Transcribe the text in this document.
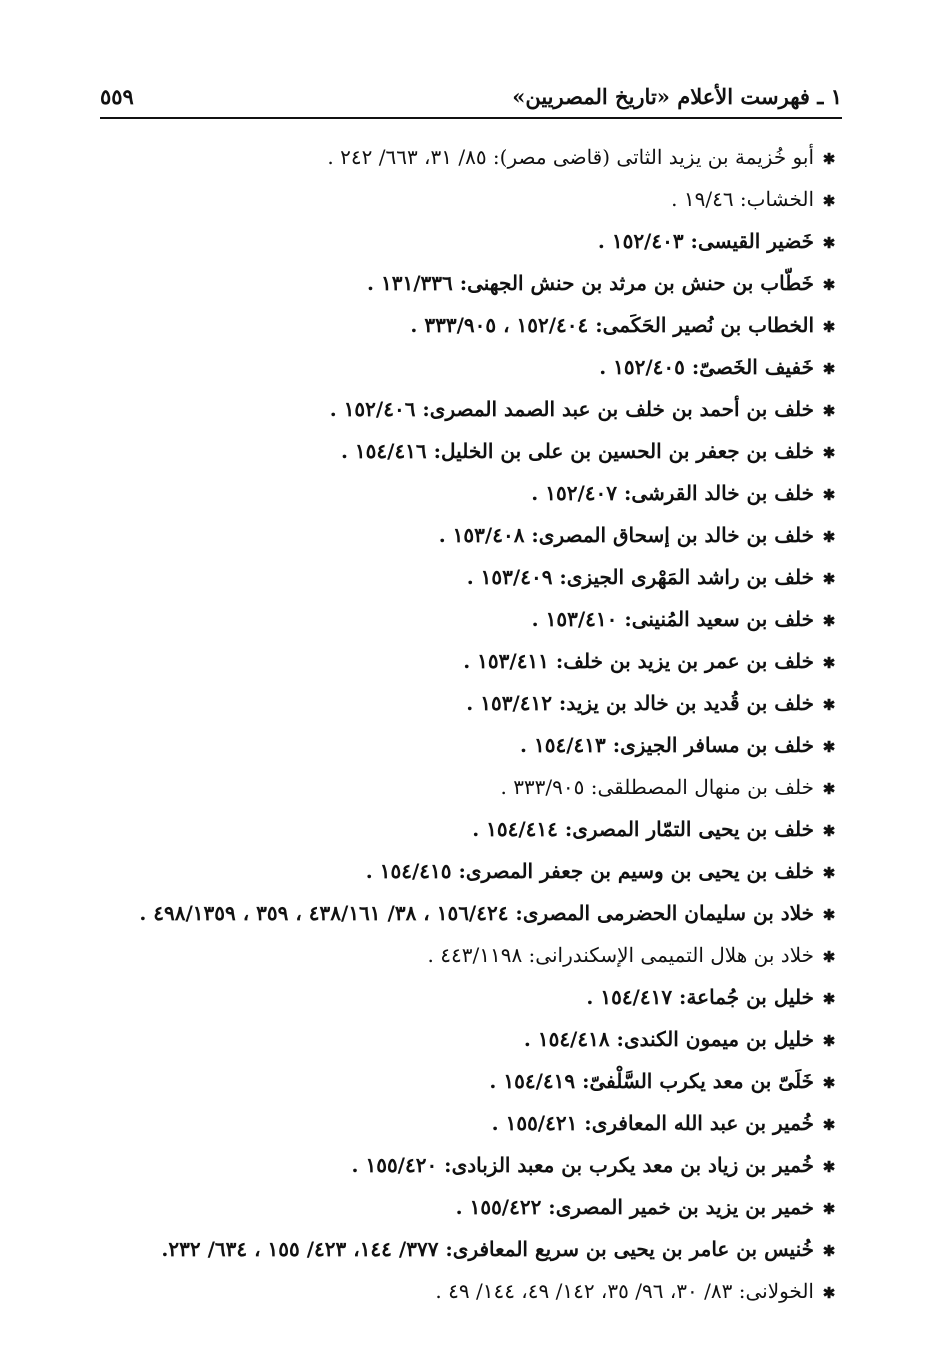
١ ـ فهرست الأعلام «تاريخ المصريين»
٥٥٩
✱أبو خُزيمة بن يزيد الثاتى (قاضى مصر): ٨٥/ ٣١، ٦٦٣/ ٢٤٢ .
✱الخشاب: ١٩/٤٦ .
✱خَضير القيسى: ١٥٢/٤٠٣ .
✱خَطّاب بن حنش بن مرثد بن حنش الجهنى: ١٣١/٣٣٦ .
✱الخطاب بن نُصير الحَكَمى: ١٥٢/٤٠٤ ، ٣٣٣/٩٠٥ .
✱خَفيف الخَصىّ: ١٥٢/٤٠٥ .
✱خلف بن أحمد بن خلف بن عبد الصمد المصرى: ١٥٢/٤٠٦ .
✱خلف بن جعفر بن الحسين بن على بن الخليل: ١٥٤/٤١٦ .
✱خلف بن خالد القرشى: ١٥٢/٤٠٧ .
✱خلف بن خالد بن إسحاق المصرى: ١٥٣/٤٠٨ .
✱خلف بن راشد المَهْرى الجيزى: ١٥٣/٤٠٩ .
✱خلف بن سعيد المُنينى: ١٥٣/٤١٠ .
✱خلف بن عمر بن يزيد بن خلف: ١٥٣/٤١١ .
✱خلف بن قُديد بن خالد بن يزيد: ١٥٣/٤١٢ .
✱خلف بن مسافر الجيزى: ١٥٤/٤١٣ .
✱خلف بن منهال المصطلقى: ٣٣٣/٩٠٥ .
✱خلف بن يحيى التمّار المصرى: ١٥٤/٤١٤ .
✱خلف بن يحيى بن وسيم بن جعفر المصرى: ١٥٤/٤١٥ .
✱خلاد بن سليمان الحضرمى المصرى: ١٥٦/٤٢٤ ، ٣٨/ ٤٣٨/١٦١ ، ٣٥٩ ، ٤٩٨/١٣٥٩ .
✱خلاد بن هلال التميمى الإسكندرانى: ٤٤٣/١١٩٨ .
✱خليل بن جُماعة: ١٥٤/٤١٧ .
✱خليل بن ميمون الكندى: ١٥٤/٤١٨ .
✱خَلَىّ بن معد يكرب السَّلْفىّ: ١٥٤/٤١٩ .
✱خُمير بن عبد الله المعافرى: ١٥٥/٤٢١ .
✱خُمير بن زياد بن معد يكرب بن معبد الزبادى: ١٥٥/٤٢٠ .
✱خمير بن يزيد بن خمير المصرى: ١٥٥/٤٢٢ .
✱خُنيس بن عامر بن يحيى بن سريع المعافرى: ٣٧٧/ ١٤٤، ٤٢٣/ ١٥٥ ، ٦٣٤/ ٢٣٢.
✱الخولانى: ٨٣/ ٣٠، ٩٦/ ٣٥، ١٤٢/ ٤٩، ١٤٤/ ٤٩ .
